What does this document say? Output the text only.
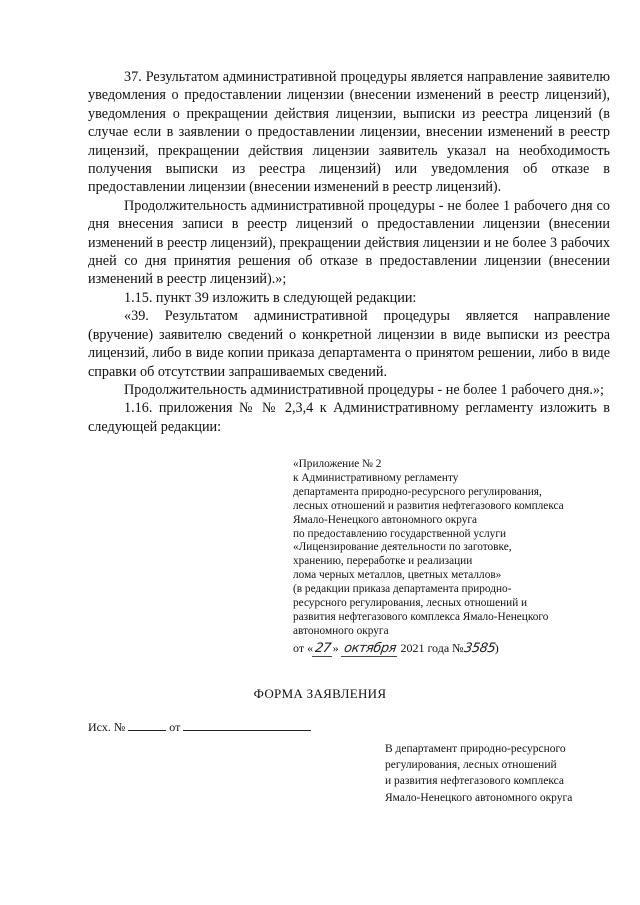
37. Результатом административной процедуры является направление заявителю уведомления о предоставлении лицензии (внесении изменений в реестр лицензий), уведомления о прекращении действия лицензии, выписки из реестра лицензий (в случае если в заявлении о предоставлении лицензии, внесении изменений в реестр лицензий, прекращении действия лицензии заявитель указал на необходимость получения выписки из реестра лицензий) или уведомления об отказе в предоставлении лицензии (внесении изменений в реестр лицензий).

Продолжительность административной процедуры - не более 1 рабочего дня со дня внесения записи в реестр лицензий о предоставлении лицензии (внесении изменений в реестр лицензий), прекращении действия лицензии и не более 3 рабочих дней со дня принятия решения об отказе в предоставлении лицензии (внесении изменений в реестр лицензий).»;

1.15. пункт 39 изложить в следующей редакции:

«39. Результатом административной процедуры является направление (вручение) заявителю сведений о конкретной лицензии в виде выписки из реестра лицензий, либо в виде копии приказа департамента о принятом решении, либо в виде справки об отсутствии запрашиваемых сведений.

Продолжительность административной процедуры - не более 1 рабочего дня.»;

1.16. приложения № № 2,3,4 к Административному регламенту изложить в следующей редакции:

«Приложение № 2
к Административному регламенту
департамента природно-ресурсного регулирования,
лесных отношений и развития нефтегазового комплекса
Ямало-Ненецкого автономного округа
по предоставлению государственной услуги
«Лицензирование деятельности по заготовке,
хранению, переработке и реализации
лома черных металлов, цветных металлов»
(в редакции приказа департамента природно-
ресурсного регулирования, лесных отношений и
развития нефтегазового комплекса Ямало-Ненецкого
автономного округа
от «27» октября 2021 года №3585)
ФОРМА ЗАЯВЛЕНИЯ
Исх. №	от
В департамент природно-ресурсного
регулирования, лесных отношений
и развития нефтегазового комплекса
Ямало-Ненецкого автономного округа
